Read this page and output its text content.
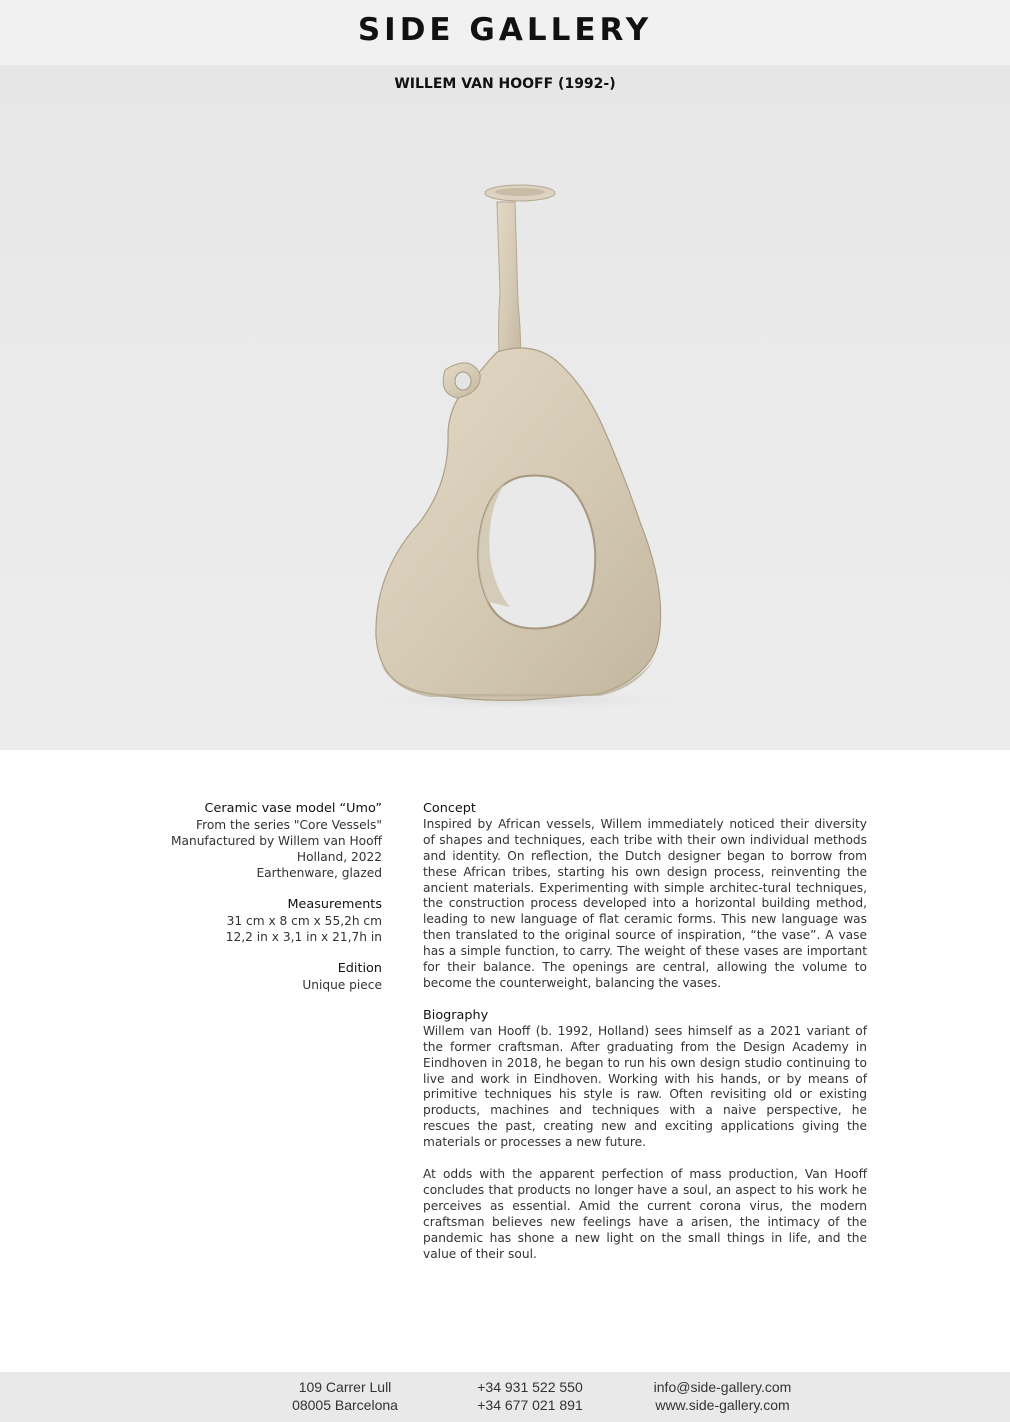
SIDE GALLERY
WILLEM VAN HOOFF (1992-)
Ceramic vase model “Umo”
From the series "Core Vessels"
Manufactured by Willem van Hooff
Holland, 2022
Earthenware, glazed
Measurements
31 cm x 8 cm x 55,2h cm
12,2 in x 3,1 in x 21,7h in
Edition
Unique piece
Concept

Inspired by African vessels, Willem immediately noticed their diversity of shapes and techniques, each tribe with their own individual methods and identity. On reflection, the Dutch designer began to borrow from these African tribes, starting his own design process, reinventing the ancient materials. Experimenting with simple architec-tural techniques, the construction process developed into a horizontal building method, leading to new language of flat ceramic forms. This new language was then translated to the original source of inspiration, “the vase”. A vase has a simple function, to carry. The weight of these vases are important for their balance. The openings are central, allowing the volume to become the counterweight, balancing the vases.

Biography

Willem van Hooff (b. 1992, Holland) sees himself as a 2021 variant of the former craftsman. After graduating from the Design Academy in Eindhoven in 2018, he began to run his own design studio continuing to live and work in Eindhoven. Working with his hands, or by means of primitive techniques his style is raw. Often revisiting old or existing products, machines and techniques with a naive perspective, he rescues the past, creating new and exciting applications giving the materials or processes a new future.

At odds with the apparent perfection of mass production, Van Hooff concludes that products no longer have a soul, an aspect to his work he perceives as essential. Amid the current corona virus, the modern craftsman believes new feelings have a arisen, the intimacy of the pandemic has shone a new light on the small things in life, and the value of their soul.

109 Carrer Lull
08005 Barcelona
+34 931 522 550
+34 677 021 891
info@side-gallery.com
www.side-gallery.com
